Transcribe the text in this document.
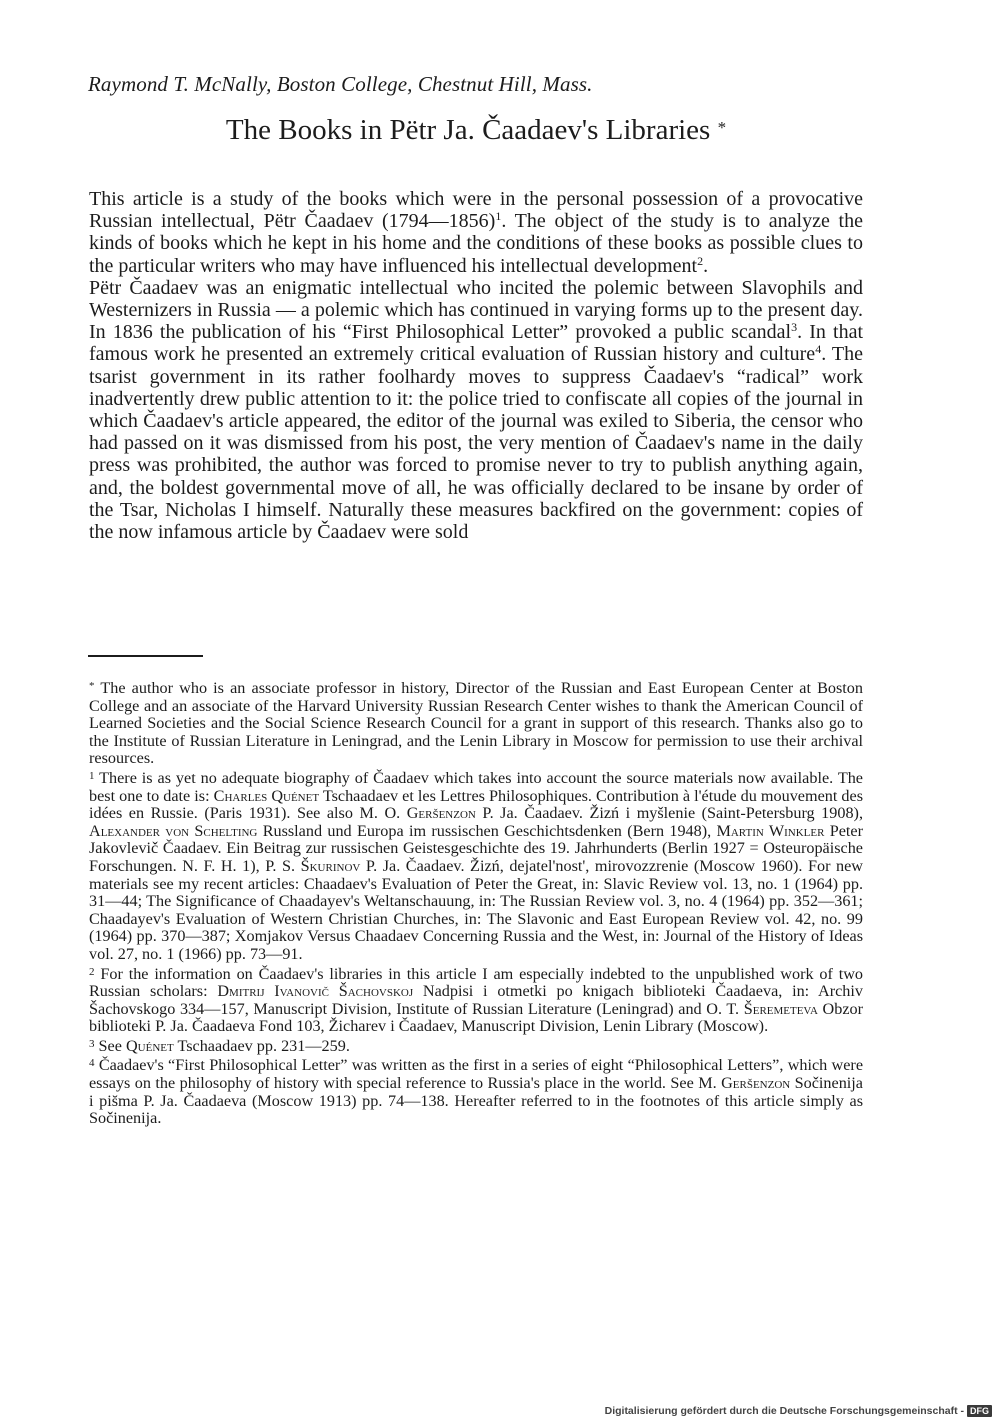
Raymond T. McNally, Boston College, Chestnut Hill, Mass.
The Books in Pëtr Ja. Čaadaev's Libraries *

This article is a study of the books which were in the personal possession of a provocative Russian intellectual, Pëtr Čaadaev (1794—1856)$^1$. The object of the study is to analyze the kinds of books which he kept in his home and the conditions of these books as possible clues to the particular writers who may have influenced his intellectual development$^2$.

Pëtr Čaadaev was an enigmatic intellectual who incited the polemic between Slavophils and Westernizers in Russia — a polemic which has continued in varying forms up to the present day. In 1836 the publication of his “First Philosophical Letter” provoked a public scandal$^3$. In that famous work he presented an extremely critical evaluation of Russian history and culture$^4$. The tsarist government in its rather foolhardy moves to suppress Čaadaev's “radical” work inadvertently drew public attention to it: the police tried to confiscate all copies of the journal in which Čaadaev's article appeared, the editor of the journal was exiled to Siberia, the censor who had passed on it was dismissed from his post, the very mention of Čaadaev's name in the daily press was prohibited, the author was forced to promise never to try to publish anything again, and, the boldest governmental move of all, he was officially declared to be insane by order of the Tsar, Nicholas I himself. Naturally these measures backfired on the government: copies of the now infamous article by Čaadaev were sold

* The author who is an associate professor in history, Director of the Russian and East European Center at Boston College and an associate of the Harvard University Russian Research Center wishes to thank the American Council of Learned Societies and the Social Science Research Council for a grant in support of this research. Thanks also go to the Institute of Russian Literature in Leningrad, and the Lenin Library in Moscow for permission to use their archival resources.
$^1$ There is as yet no adequate biography of Čaadaev which takes into account the source materials now available. The best one to date is: Charles Quénet Tschaadaev et les Lettres Philosophiques. Contribution à l'étude du mouvement des idées en Russie. (Paris 1931). See also M. O. Geršenzon P. Ja. Čaadaev. Žizń i myšlenie (Saint-Petersburg 1908), Alexander von Schelting Russland und Europa im russischen Geschichtsdenken (Bern 1948), Martin Winkler Peter Jakovlevič Čaadaev. Ein Beitrag zur russischen Geistesgeschichte des 19. Jahrhunderts (Berlin 1927 = Osteuropäische Forschungen. N. F. H. 1), P. S. Škurinov P. Ja. Čaadaev. Žizń, dejatel'nost', mirovozzrenie (Moscow 1960). For new materials see my recent articles: Chaadaev's Evaluation of Peter the Great, in: Slavic Review vol. 13, no. 1 (1964) pp. 31—44; The Significance of Chaadayev's Weltanschauung, in: The Russian Review vol. 3, no. 4 (1964) pp. 352—361; Chaadayev's Evaluation of Western Christian Churches, in: The Slavonic and East European Review vol. 42, no. 99 (1964) pp. 370—387; Xomjakov Versus Chaadaev Concerning Russia and the West, in: Journal of the History of Ideas vol. 27, no. 1 (1966) pp. 73—91.
$^2$ For the information on Čaadaev's libraries in this article I am especially indebted to the unpublished work of two Russian scholars: Dmitrij Ivanovič Šachovskoj Nadpisi i otmetki po knigach biblioteki Čaadaeva, in: Archiv Šachovskogo 334—157, Manuscript Division, Institute of Russian Literature (Leningrad) and O. T. Šeremeteva Obzor biblioteki P. Ja. Čaadaeva Fond 103, Žicharev i Čaadaev, Manuscript Division, Lenin Library (Moscow).
$^3$ See Quénet Tschaadaev pp. 231—259.
$^4$ Čaadaev's “First Philosophical Letter” was written as the first in a series of eight “Philosophical Letters”, which were essays on the philosophy of history with special reference to Russia's place in the world. See M. Geršenzon Sočinenija i pis̆ma P. Ja. Čaadaeva (Moscow 1913) pp. 74—138. Hereafter referred to in the footnotes of this article simply as Sočinenija.
Digitalisierung gefördert durch die Deutsche Forschungsgemeinschaft - DFG
